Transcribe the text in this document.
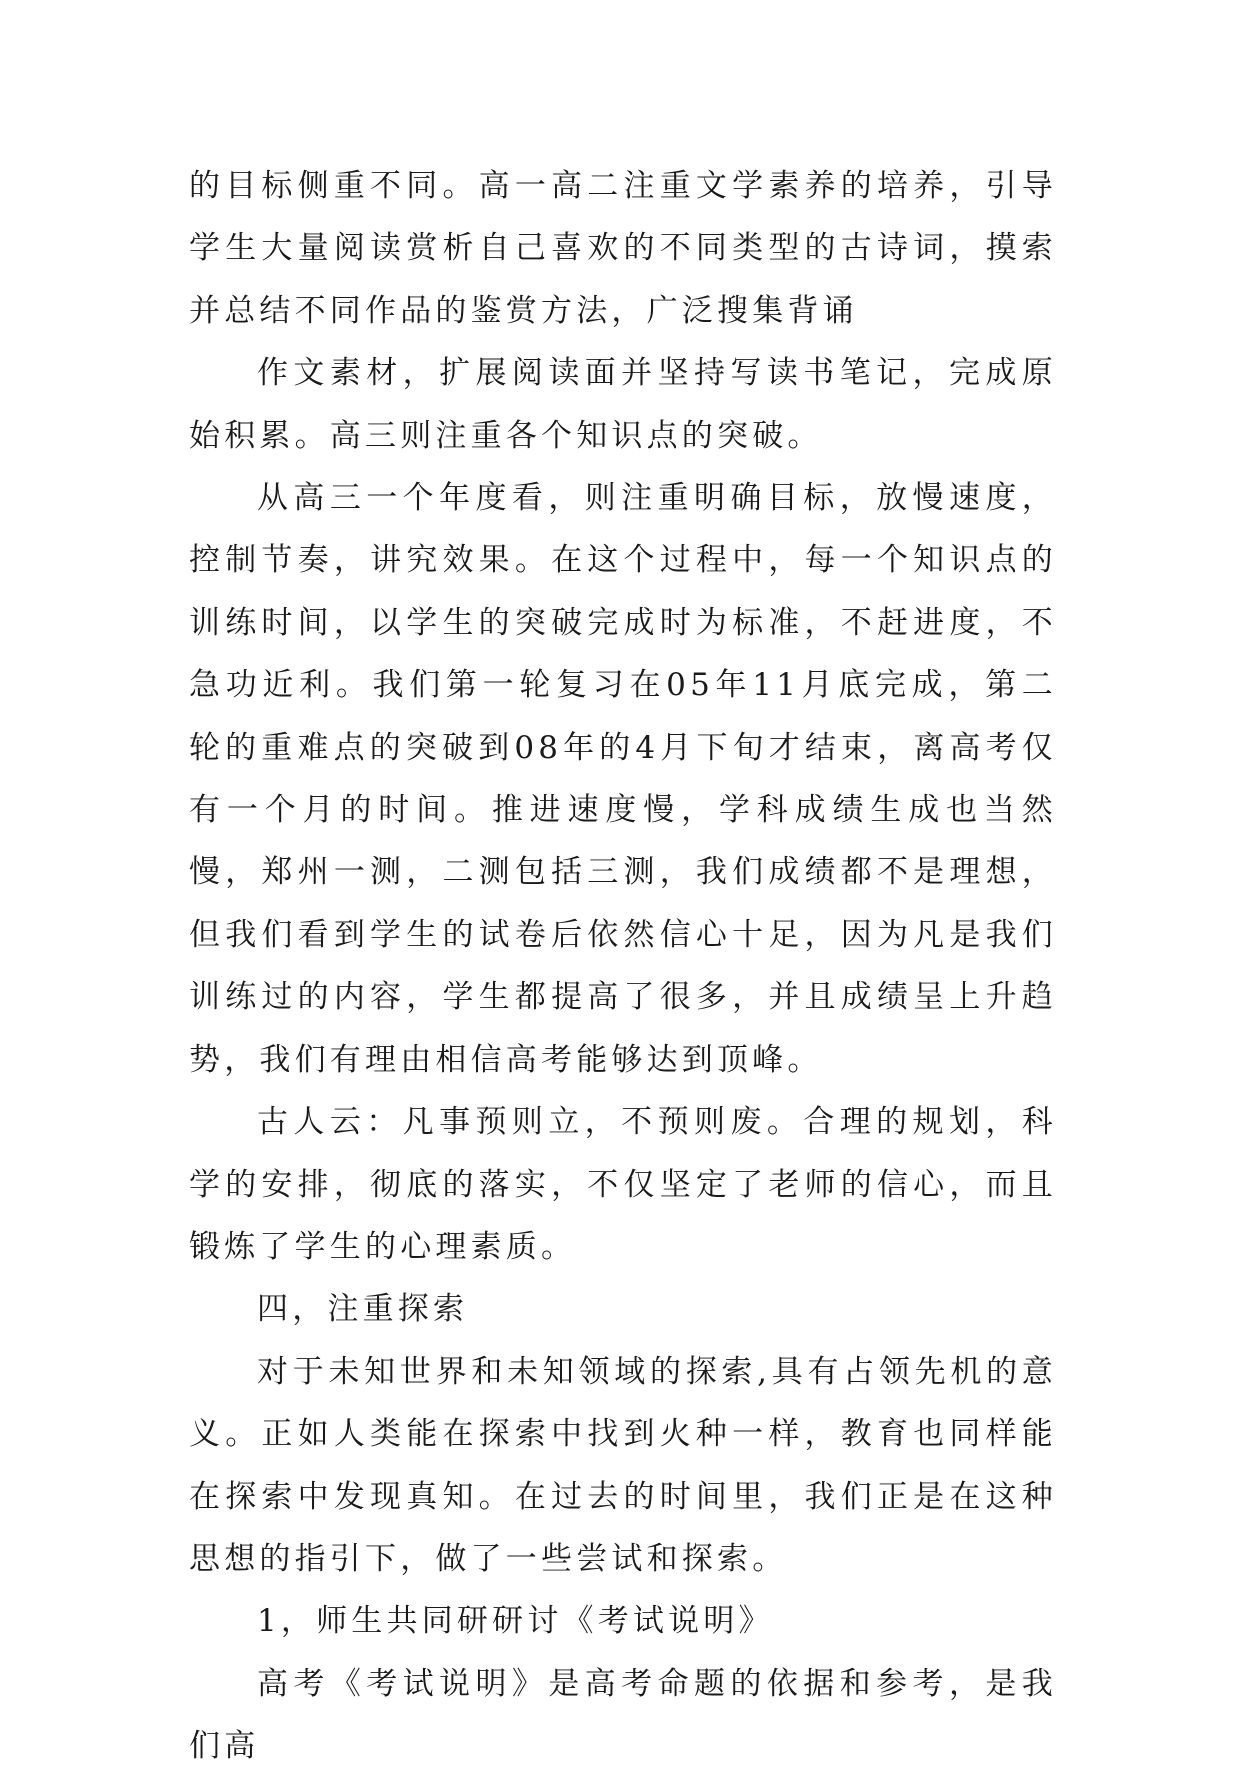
的目标侧重不同。高一高二注重文学素养的培养，引导学生大量阅读赏析自己喜欢的不同类型的古诗词，摸索并总结不同作品的鉴赏方法，广泛搜集背诵

作文素材，扩展阅读面并坚持写读书笔记，完成原始积累。高三则注重各个知识点的突破。

从高三一个年度看，则注重明确目标，放慢速度，控制节奏，讲究效果。在这个过程中，每一个知识点的训练时间，以学生的突破完成时为标准，不赶进度，不急功近利。我们第一轮复习在05年11月底完成，第二轮的重难点的突破到08年的4月下旬才结束，离高考仅有一个月的时间。推进速度慢，学科成绩生成也当然慢，郑州一测，二测包括三测，我们成绩都不是理想，但我们看到学生的试卷后依然信心十足，因为凡是我们训练过的内容，学生都提高了很多，并且成绩呈上升趋势，我们有理由相信高考能够达到顶峰。

古人云：凡事预则立，不预则废。合理的规划，科学的安排，彻底的落实，不仅坚定了老师的信心，而且锻炼了学生的心理素质。

四，注重探索

对于未知世界和未知领域的探索,具有占领先机的意义。正如人类能在探索中找到火种一样，教育也同样能在探索中发现真知。在过去的时间里，我们正是在这种思想的指引下，做了一些尝试和探索。

1，师生共同研研讨《考试说明》

高考《考试说明》是高考命题的依据和参考，是我们高
